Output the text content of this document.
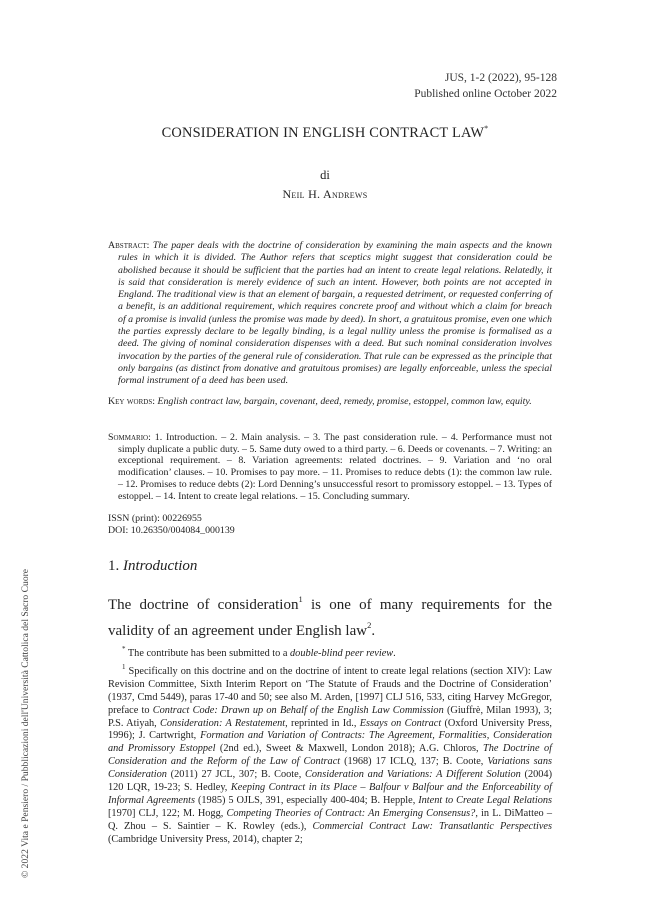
© 2022 Vita e Pensiero / Pubblicazioni dell'Università Cattolica del Sacro Cuore
JUS, 1-2 (2022), 95-128
Published online October 2022
CONSIDERATION IN ENGLISH CONTRACT LAW*
di
Neil H. Andrews

Abstract: The paper deals with the doctrine of consideration by examining the main aspects and the known rules in which it is divided. The Author refers that sceptics might suggest that consideration could be abolished because it should be sufficient that the parties had an intent to create legal relations. Relatedly, it is said that consideration is merely evidence of such an intent. However, both points are not accepted in England. The traditional view is that an element of bargain, a requested detriment, or requested conferring of a benefit, is an additional requirement, which requires concrete proof and without which a claim for breach of a promise is invalid (unless the promise was made by deed). In short, a gratuitous promise, even one which the parties expressly declare to be legally binding, is a legal nullity unless the promise is formalised as a deed. The giving of nominal consideration dispenses with a deed. But such nominal consideration involves invocation by the parties of the general rule of consideration. That rule can be expressed as the principle that only bargains (as distinct from donative and gratuitous promises) are legally enforceable, unless the special formal instrument of a deed has been used.

Key words: English contract law, bargain, covenant, deed, remedy, promise, estoppel, common law, equity.

Sommario: 1. Introduction. – 2. Main analysis. – 3. The past consideration rule. – 4. Performance must not simply duplicate a public duty. – 5. Same duty owed to a third party. – 6. Deeds or covenants. – 7. Writing: an exceptional requirement. – 8. Variation agreements: related doctrines. – 9. Variation and ‘no oral modification’ clauses. – 10. Promises to pay more. – 11. Promises to reduce debts (1): the common law rule. – 12. Promises to reduce debts (2): Lord Denning’s unsuccessful resort to promissory estoppel. – 13. Types of estoppel. – 14. Intent to create legal relations. – 15. Concluding summary.

ISSN (print): 00226955
DOI: 10.26350/004084_000139
1. Introduction
The doctrine of consideration$^1$ is one of many requirements for the validity of an agreement under English law$^2$.

* The contribute has been submitted to a double-blind peer review.

$^1$ Specifically on this doctrine and on the doctrine of intent to create legal relations (section XIV): Law Revision Committee, Sixth Interim Report on ‘The Statute of Frauds and the Doctrine of Consideration’ (1937, Cmd 5449), paras 17-40 and 50; see also M. Arden, [1997] CLJ 516, 533, citing Harvey McGregor, preface to Contract Code: Drawn up on Behalf of the English Law Commission (Giuffrè, Milan 1993), 3; P.S. Atiyah, Consideration: A Restatement, reprinted in Id., Essays on Contract (Oxford University Press, 1996); J. Cartwright, Formation and Variation of Contracts: The Agreement, Formalities, Consideration and Promissory Estoppel (2nd ed.), Sweet & Maxwell, London 2018); A.G. Chloros, The Doctrine of Consideration and the Reform of the Law of Contract (1968) 17 ICLQ, 137; B. Coote, Variations sans Consideration (2011) 27 JCL, 307; B. Coote, Consideration and Variations: A Different Solution (2004) 120 LQR, 19-23; S. Hedley, Keeping Contract in its Place – Balfour v Balfour and the Enforceability of Informal Agreements (1985) 5 OJLS, 391, especially 400-404; B. Hepple, Intent to Create Legal Relations [1970] CLJ, 122; M. Hogg, Competing Theories of Contract: An Emerging Consensus?, in L. DiMatteo – Q. Zhou – S. Saintier – K. Rowley (eds.), Commercial Contract Law: Transatlantic Perspectives (Cambridge University Press, 2014), chapter 2;
